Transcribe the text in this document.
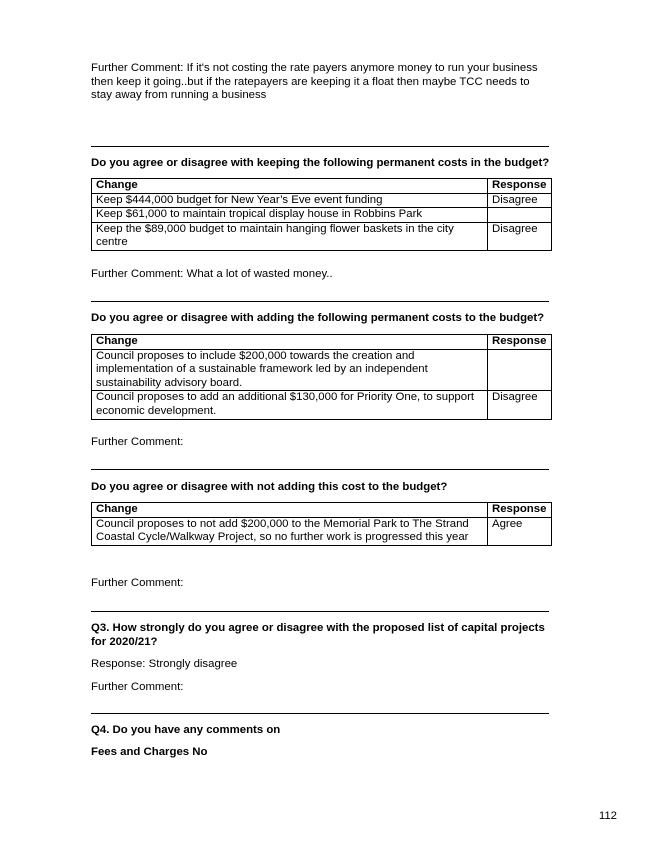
Further Comment: If it's not costing the rate payers anymore money to run your business then keep it going..but if the ratepayers are keeping it a float then maybe TCC needs to stay away from running a business
Do you agree or disagree with keeping the following permanent costs in the budget?
Change	Response
Keep $444,000 budget for New Year’s Eve event funding	Disagree
Keep $61,000 to maintain tropical display house in Robbins Park	
Keep the $89,000 budget to maintain hanging flower baskets in the city centre	Disagree
Further Comment: What a lot of wasted money..
Do you agree or disagree with adding the following permanent costs to the budget?
Change	Response
Council proposes to include $200,000 towards the creation and implementation of a sustainable framework led by an independent sustainability advisory board.	
Council proposes to add an additional $130,000 for Priority One, to support economic development.	Disagree
Further Comment:
Do you agree or disagree with not adding this cost to the budget?
Change	Response
Council proposes to not add $200,000 to the Memorial Park to The Strand Coastal Cycle/Walkway Project, so no further work is progressed this year	Agree
Further Comment:
Q3. How strongly do you agree or disagree with the proposed list of capital projects for 2020/21?
Response: Strongly disagree
Further Comment:
Q4. Do you have any comments on
Fees and Charges No
112
